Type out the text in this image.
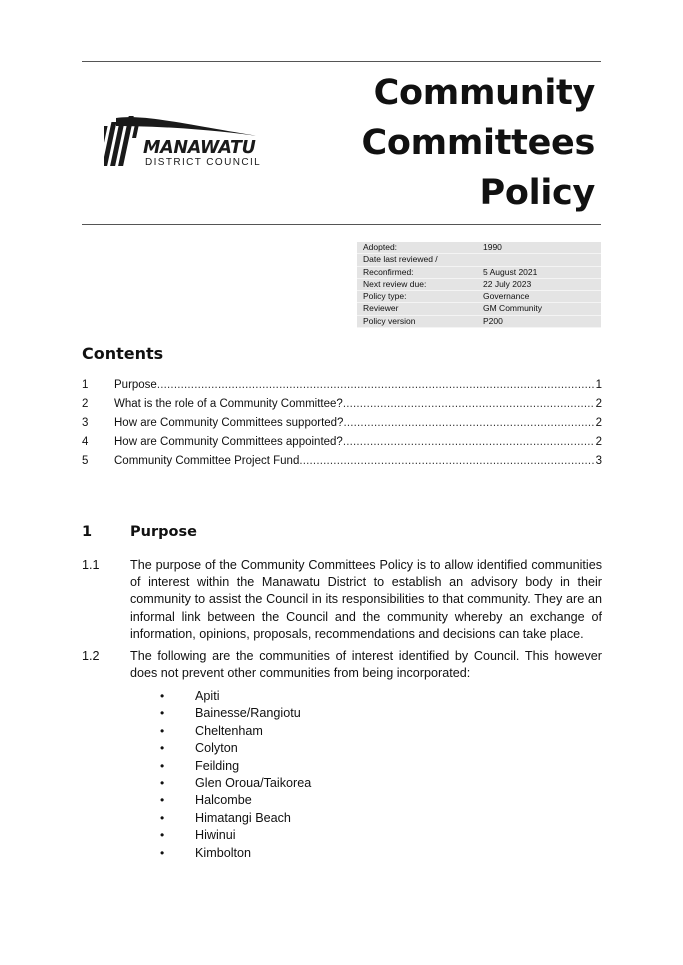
MANAWATU
DISTRICT COUNCIL
Community
Committees
Policy
Adopted:	1990
Date last reviewed /	
Reconfirmed:	5 August 2021
Next review due:	22 July 2023
Policy type:	Governance
Reviewer	GM Community
Policy version	P200
Contents
1	Purpose .....	1
2	What is the role of a Community Committee? .....	2
3	How are Community Committees supported? .....	2
4	How are Community Committees appointed? .....	2
5	Community Committee Project Fund .....	3
1	Purpose
1.1	The purpose of the Community Committees Policy is to allow identified communities of interest within the Manawatu District to establish an advisory body in their community to assist the Council in its responsibilities to that community. They are an informal link between the Council and the community whereby an exchange of information, opinions, proposals, recommendations and decisions can take place.
1.2	The following are the communities of interest identified by Council. This however does not prevent other communities from being incorporated:
•	Apiti
•	Bainesse/Rangiotu
•	Cheltenham
•	Colyton
•	Feilding
•	Glen Oroua/Taikorea
•	Halcombe
•	Himatangi Beach
•	Hiwinui
•	Kimbolton
